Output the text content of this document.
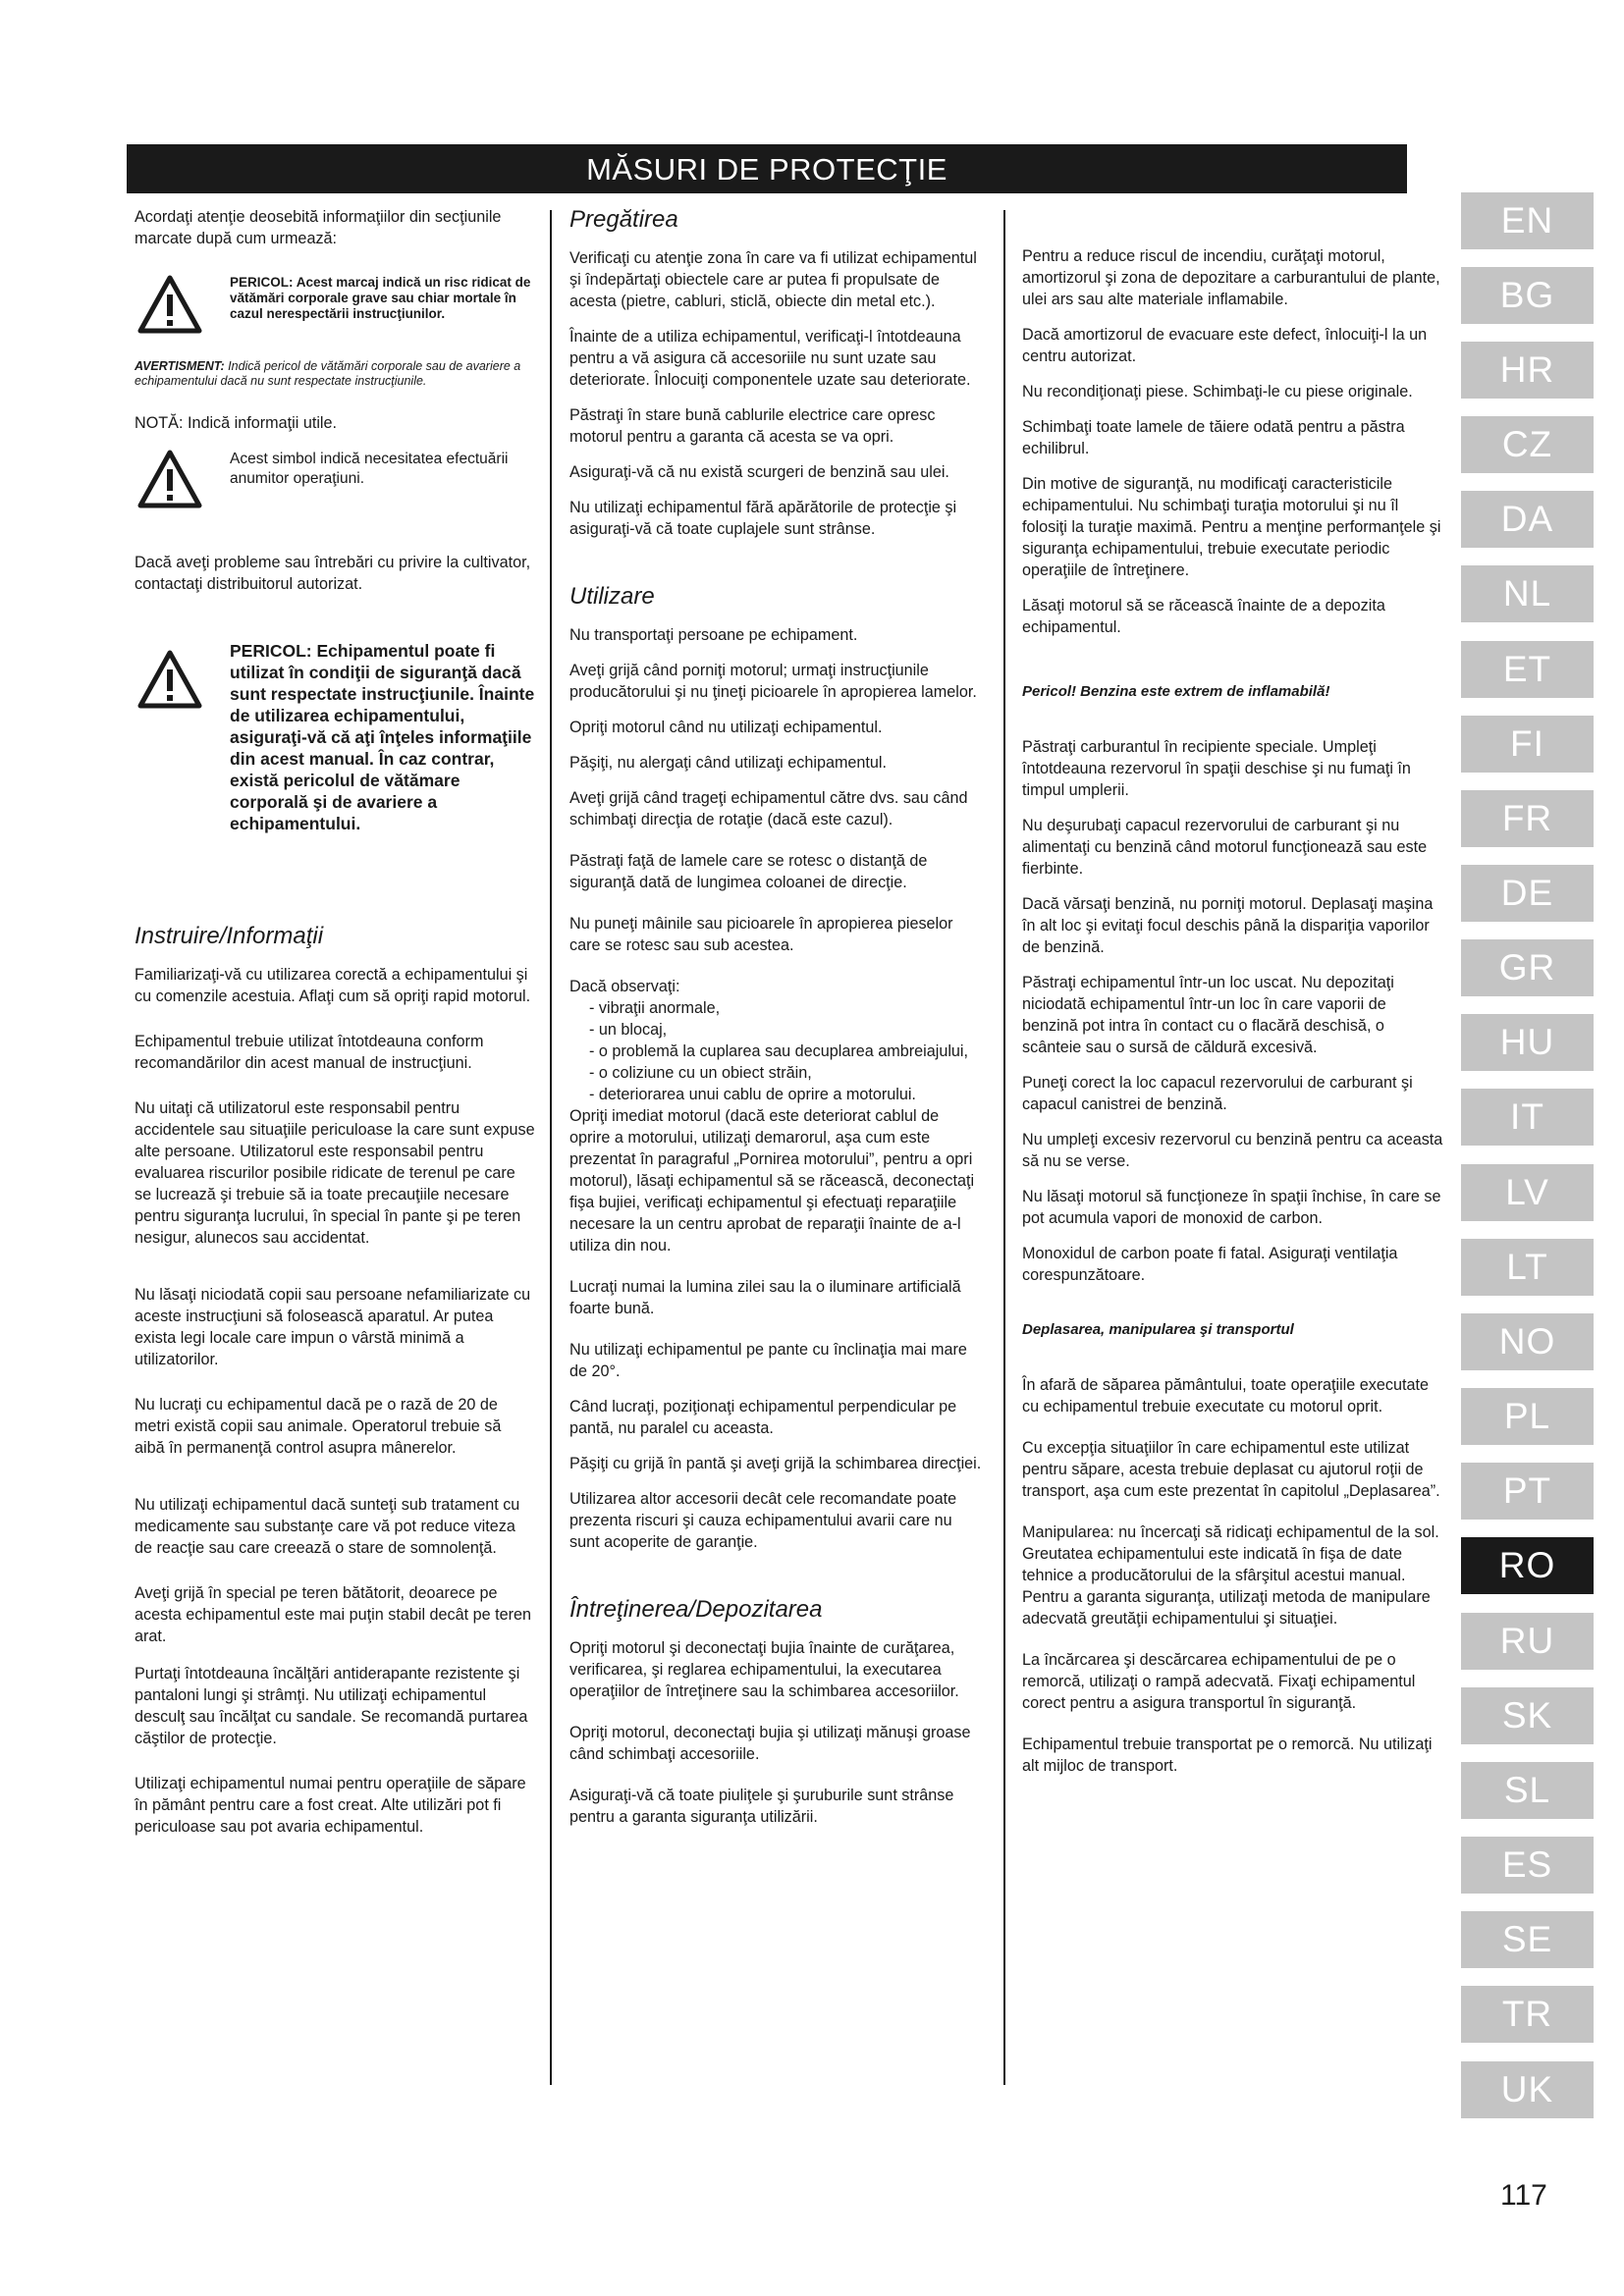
MĂSURI DE PROTECŢIE

Acordaţi atenţie deosebită informaţiilor din secţiunile marcate după cum urmează:

PERICOL: Acest marcaj indică un risc ridicat de vătămări corporale grave sau chiar mortale în cazul nerespectării instrucţiunilor.

AVERTISMENT: Indică pericol de vătămări corporale sau de avariere a echipamentului dacă nu sunt respectate instrucţiunile.

NOTĂ: Indică informaţii utile.

Acest simbol indică necesitatea efectuării anumitor operaţiuni.

Dacă aveţi probleme sau întrebări cu privire la cultivator, contactaţi distribuitorul autorizat.

PERICOL: Echipamentul poate fi utilizat în condiţii de siguranţă dacă sunt respectate instrucţiunile. Înainte de utilizarea echipamentului, asiguraţi-vă că aţi înţeles informaţiile din acest manual. În caz contrar, există pericolul de vătămare corporală şi de avariere a echipamentului.
Instruire/Informaţii

Familiarizaţi-vă cu utilizarea corectă a echipamentului şi cu comenzile acestuia. Aflaţi cum să opriţi rapid motorul.

Echipamentul trebuie utilizat întotdeauna conform recomandărilor din acest manual de instrucţiuni.

Nu uitaţi că utilizatorul este responsabil pentru accidentele sau situaţiile periculoase la care sunt expuse alte persoane. Utilizatorul este responsabil pentru evaluarea riscurilor posibile ridicate de terenul pe care se lucrează şi trebuie să ia toate precauţiile necesare pentru siguranţa lucrului, în special în pante şi pe teren nesigur, alunecos sau accidentat.

Nu lăsaţi niciodată copii sau persoane nefamiliarizate cu aceste instrucţiuni să folosească aparatul. Ar putea exista legi locale care impun o vârstă minimă a utilizatorilor.

Nu lucraţi cu echipamentul dacă pe o rază de 20 de metri există copii sau animale. Operatorul trebuie să aibă în permanenţă control asupra mânerelor.

Nu utilizaţi echipamentul dacă sunteţi sub tratament cu medicamente sau substanţe care vă pot reduce viteza de reacţie sau care creează o stare de somnolenţă.

Aveţi grijă în special pe teren bătătorit, deoarece pe acesta echipamentul este mai puţin stabil decât pe teren arat.

Purtaţi întotdeauna încălţări antiderapante rezistente şi pantaloni lungi şi strâmţi. Nu utilizaţi echipamentul desculţ sau încălţat cu sandale. Se recomandă purtarea căştilor de protecţie.

Utilizaţi echipamentul numai pentru operaţiile de săpare în pământ pentru care a fost creat. Alte utilizări pot fi periculoase sau pot avaria echipamentul.

Pregătirea

Verificaţi cu atenţie zona în care va fi utilizat echipamentul şi îndepărtaţi obiectele care ar putea fi propulsate de acesta (pietre, cabluri, sticlă, obiecte din metal etc.).

Înainte de a utiliza echipamentul, verificaţi-l întotdeauna pentru a vă asigura că accesoriile nu sunt uzate sau deteriorate. Înlocuiţi componentele uzate sau deteriorate.

Păstraţi în stare bună cablurile electrice care opresc motorul pentru a garanta că acesta se va opri.

Asiguraţi-vă că nu există scurgeri de benzină sau ulei.

Nu utilizaţi echipamentul fără apărătorile de protecţie şi asiguraţi-vă că toate cuplajele sunt strânse.

Utilizare

Nu transportaţi persoane pe echipament.

Aveţi grijă când porniţi motorul; urmaţi instrucţiunile producătorului şi nu ţineţi picioarele în apropierea lamelor.

Opriţi motorul când nu utilizaţi echipamentul.

Păşiţi, nu alergaţi când utilizaţi echipamentul.

Aveţi grijă când trageţi echipamentul către dvs. sau când schimbaţi direcţia de rotaţie (dacă este cazul).

Păstraţi faţă de lamele care se rotesc o distanţă de siguranţă dată de lungimea coloanei de direcţie.

Nu puneţi mâinile sau picioarele în apropierea pieselor care se rotesc sau sub acestea.

Dacă observaţi:
- vibraţii anormale,
- un blocaj,
- o problemă la cuplarea sau decuplarea ambreiajului,
- o coliziune cu un obiect străin,
- deteriorarea unui cablu de oprire a motorului.
Opriţi imediat motorul (dacă este deteriorat cablul de oprire a motorului, utilizaţi demarorul, aşa cum este prezentat în paragraful „Pornirea motorului”, pentru a opri motorul), lăsaţi echipamentul să se răcească, deconectaţi fişa bujiei, verificaţi echipamentul şi efectuaţi reparaţiile necesare la un centru aprobat de reparaţii înainte de a-l utiliza din nou.

Lucraţi numai la lumina zilei sau la o iluminare artificială foarte bună.

Nu utilizaţi echipamentul pe pante cu înclinaţia mai mare de 20°.

Când lucraţi, poziţionaţi echipamentul perpendicular pe pantă, nu paralel cu aceasta.

Păşiţi cu grijă în pantă şi aveţi grijă la schimbarea direcţiei.

Utilizarea altor accesorii decât cele recomandate poate prezenta riscuri şi cauza echipamentului avarii care nu sunt acoperite de garanţie.

Întreţinerea/Depozitarea

Opriţi motorul şi deconectaţi bujia înainte de curăţarea, verificarea, şi reglarea echipamentului, la executarea operaţiilor de întreţinere sau la schimbarea accesoriilor.

Opriţi motorul, deconectaţi bujia şi utilizaţi mănuşi groase când schimbaţi accesoriile.

Asiguraţi-vă că toate piuliţele şi şuruburile sunt strânse pentru a garanta siguranţa utilizării.

Pentru a reduce riscul de incendiu, curăţaţi motorul, amortizorul şi zona de depozitare a carburantului de plante, ulei ars sau alte materiale inflamabile.

Dacă amortizorul de evacuare este defect, înlocuiţi-l la un centru autorizat.

Nu recondiţionaţi piese. Schimbaţi-le cu piese originale.

Schimbaţi toate lamele de tăiere odată pentru a păstra echilibrul.

Din motive de siguranţă, nu modificaţi caracteristicile echipamentului. Nu schimbaţi turaţia motorului şi nu îl folosiţi la turaţie maximă. Pentru a menţine performanţele şi siguranţa echipamentului, trebuie executate periodic operaţiile de întreţinere.

Lăsaţi motorul să se răcească înainte de a depozita echipamentul.

Pericol! Benzina este extrem de inflamabilă!

Păstraţi carburantul în recipiente speciale. Umpleţi întotdeauna rezervorul în spaţii deschise şi nu fumaţi în timpul umplerii.

Nu deşurubaţi capacul rezervorului de carburant şi nu alimentaţi cu benzină când motorul funcţionează sau este fierbinte.

Dacă vărsaţi benzină, nu porniţi motorul. Deplasaţi maşina în alt loc şi evitaţi focul deschis până la dispariţia vaporilor de benzină.

Păstraţi echipamentul într-un loc uscat. Nu depozitaţi niciodată echipamentul într-un loc în care vaporii de benzină pot intra în contact cu o flacără deschisă, o scânteie sau o sursă de căldură excesivă.

Puneţi corect la loc capacul rezervorului de carburant şi capacul canistrei de benzină.

Nu umpleţi excesiv rezervorul cu benzină pentru ca aceasta să nu se verse.

Nu lăsaţi motorul să funcţioneze în spaţii închise, în care se pot acumula vapori de monoxid de carbon.

Monoxidul de carbon poate fi fatal. Asiguraţi ventilaţia corespunzătoare.

Deplasarea, manipularea şi transportul

În afară de săparea pământului, toate operaţiile executate cu echipamentul trebuie executate cu motorul oprit.

Cu excepţia situaţiilor în care echipamentul este utilizat pentru săpare, acesta trebuie deplasat cu ajutorul roţii de transport, aşa cum este prezentat în capitolul „Deplasarea”.

Manipularea: nu încercaţi să ridicaţi echipamentul de la sol. Greutatea echipamentului este indicată în fişa de date tehnice a producătorului de la sfârşitul acestui manual. Pentru a garanta siguranţa, utilizaţi metoda de manipulare adecvată greutăţii echipamentului şi situaţiei.

La încărcarea şi descărcarea echipamentului de pe o remorcă, utilizaţi o rampă adecvată. Fixaţi echipamentul corect pentru a asigura transportul în siguranţă.

Echipamentul trebuie transportat pe o remorcă. Nu utilizaţi alt mijloc de transport.

EN
BG
HR
CZ
DA
NL
ET
FI
FR
DE
GR
HU
IT
LV
LT
NO
PL
PT
RO
RU
SK
SL
ES
SE
TR
UK
117
